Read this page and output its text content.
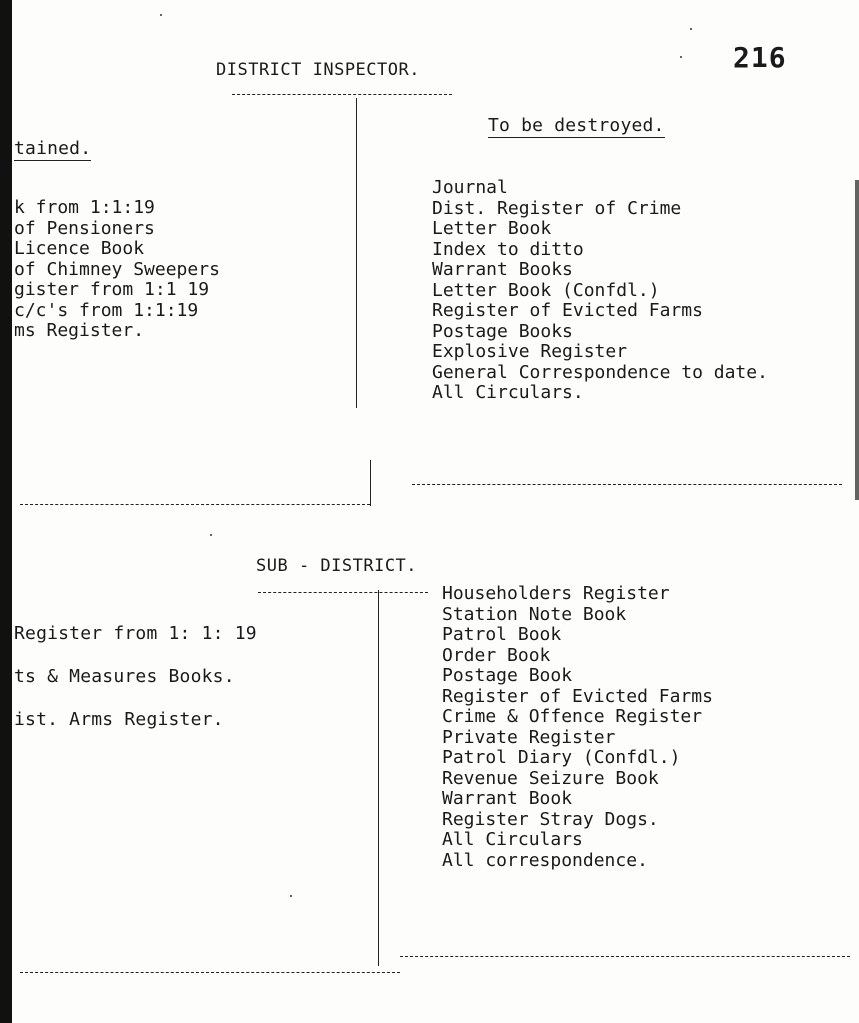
216
DISTRICT INSPECTOR.
tained.
k from 1:1:19
of Pensioners
Licence Book
of Chimney Sweepers
gister from 1:1 19
c/c's from 1:1:19
ms Register.
To be destroyed.
Journal
Dist. Register of Crime
Letter Book
Index to ditto
Warrant Books
Letter Book (Confdl.)
Register of Evicted Farms
Postage Books
Explosive Register
General Correspondence to date.
All Circulars.
SUB - DISTRICT.
Register from 1: 1: 19
ts & Measures Books.
ist. Arms Register.
Householders Register
Station Note Book
Patrol Book
Order Book
Postage Book
Register of Evicted Farms
Crime & Offence Register
Private Register
Patrol Diary (Confdl.)
Revenue Seizure Book
Warrant Book
Register Stray Dogs.
All Circulars
All correspondence.
